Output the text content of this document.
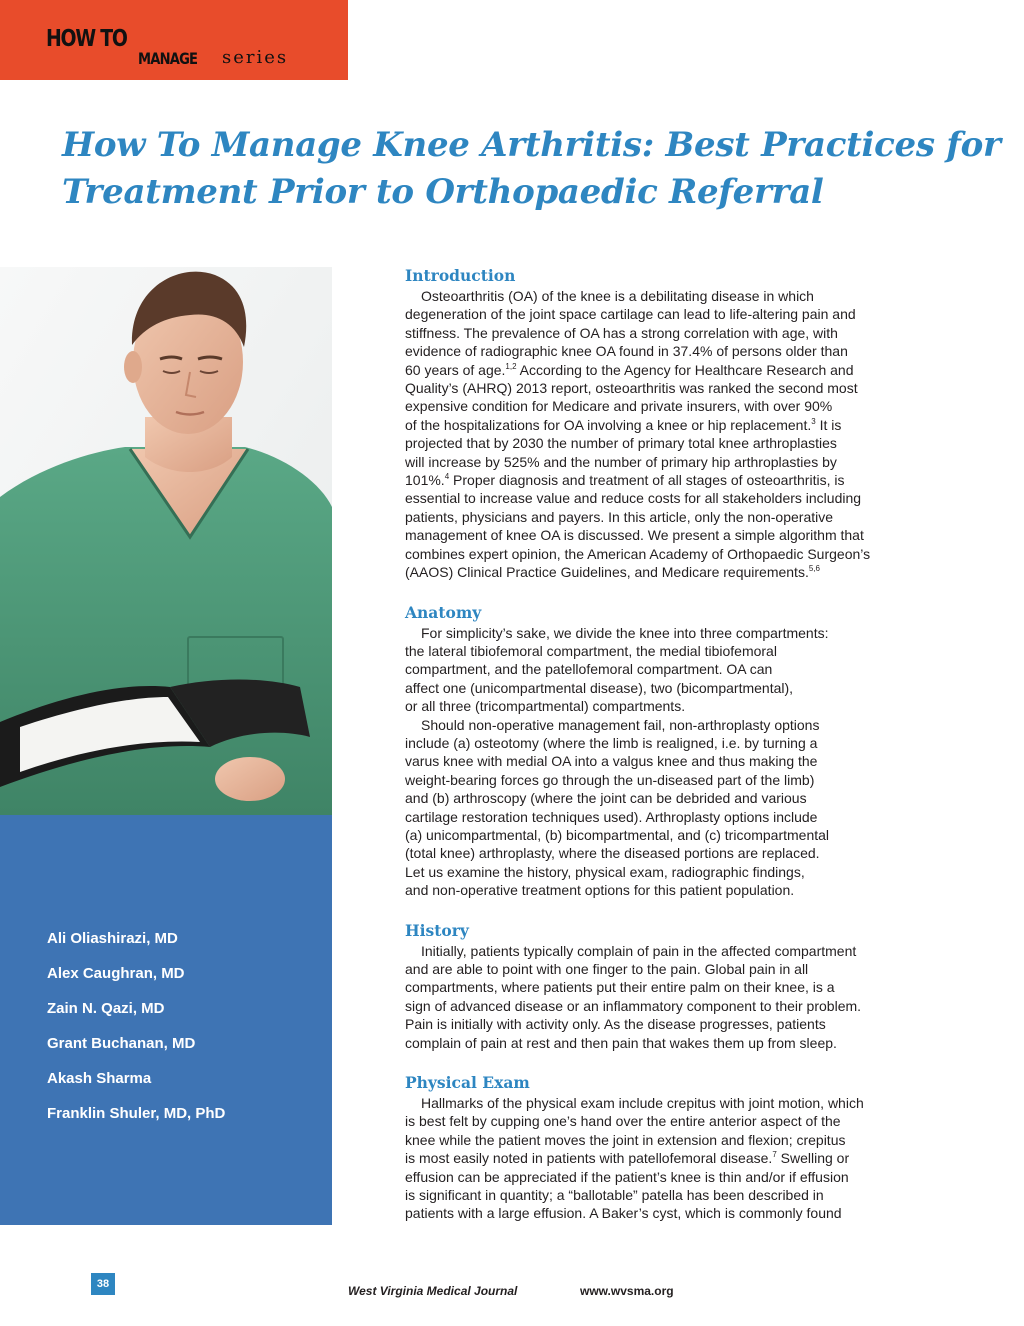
HOW TO
MANAGE series
How To Manage Knee Arthritis: Best Practices for
Treatment Prior to Orthopaedic Referral
Ali Oliashirazi, MD
Alex Caughran, MD
Zain N. Qazi, MD
Grant Buchanan, MD
Akash Sharma
Franklin Shuler, MD, PhD
Introduction
Osteoarthritis (OA) of the knee is a debilitating disease in which
degeneration of the joint space cartilage can lead to life-altering pain and
stiffness. The prevalence of OA has a strong correlation with age, with
evidence of radiographic knee OA found in 37.4% of persons older than
60 years of age.$^{1,2}$ According to the Agency for Healthcare Research and
Quality’s (AHRQ) 2013 report, osteoarthritis was ranked the second most
expensive condition for Medicare and private insurers, with over 90%
of the hospitalizations for OA involving a knee or hip replacement.$^3$ It is
projected that by 2030 the number of primary total knee arthroplasties
will increase by 525% and the number of primary hip arthroplasties by
101%.$^4$ Proper diagnosis and treatment of all stages of osteoarthritis, is
essential to increase value and reduce costs for all stakeholders including
patients, physicians and payers. In this article, only the non-operative
management of knee OA is discussed. We present a simple algorithm that
combines expert opinion, the American Academy of Orthopaedic Surgeon’s
(AAOS) Clinical Practice Guidelines, and Medicare requirements.$^{5,6}$
Anatomy
For simplicity’s sake, we divide the knee into three compartments:
the lateral tibiofemoral compartment, the medial tibiofemoral
compartment, and the patellofemoral compartment. OA can
affect one (unicompartmental disease), two (bicompartmental),
or all three (tricompartmental) compartments.
Should non-operative management fail, non-arthroplasty options
include (a) osteotomy (where the limb is realigned, i.e. by turning a
varus knee with medial OA into a valgus knee and thus making the
weight-bearing forces go through the un-diseased part of the limb)
and (b) arthroscopy (where the joint can be debrided and various
cartilage restoration techniques used). Arthroplasty options include
(a) unicompartmental, (b) bicompartmental, and (c) tricompartmental
(total knee) arthroplasty, where the diseased portions are replaced.
Let us examine the history, physical exam, radiographic findings,
and non-operative treatment options for this patient population.
History
Initially, patients typically complain of pain in the affected compartment
and are able to point with one finger to the pain. Global pain in all
compartments, where patients put their entire palm on their knee, is a
sign of advanced disease or an inflammatory component to their problem.
Pain is initially with activity only. As the disease progresses, patients
complain of pain at rest and then pain that wakes them up from sleep.
Physical Exam
Hallmarks of the physical exam include crepitus with joint motion, which
is best felt by cupping one’s hand over the entire anterior aspect of the
knee while the patient moves the joint in extension and flexion; crepitus
is most easily noted in patients with patellofemoral disease.$^7$ Swelling or
effusion can be appreciated if the patient’s knee is thin and/or if effusion
is significant in quantity; a “ballotable” patella has been described in
patients with a large effusion. A Baker’s cyst, which is commonly found
38	West Virginia Medical Journal	www.wvsma.org
